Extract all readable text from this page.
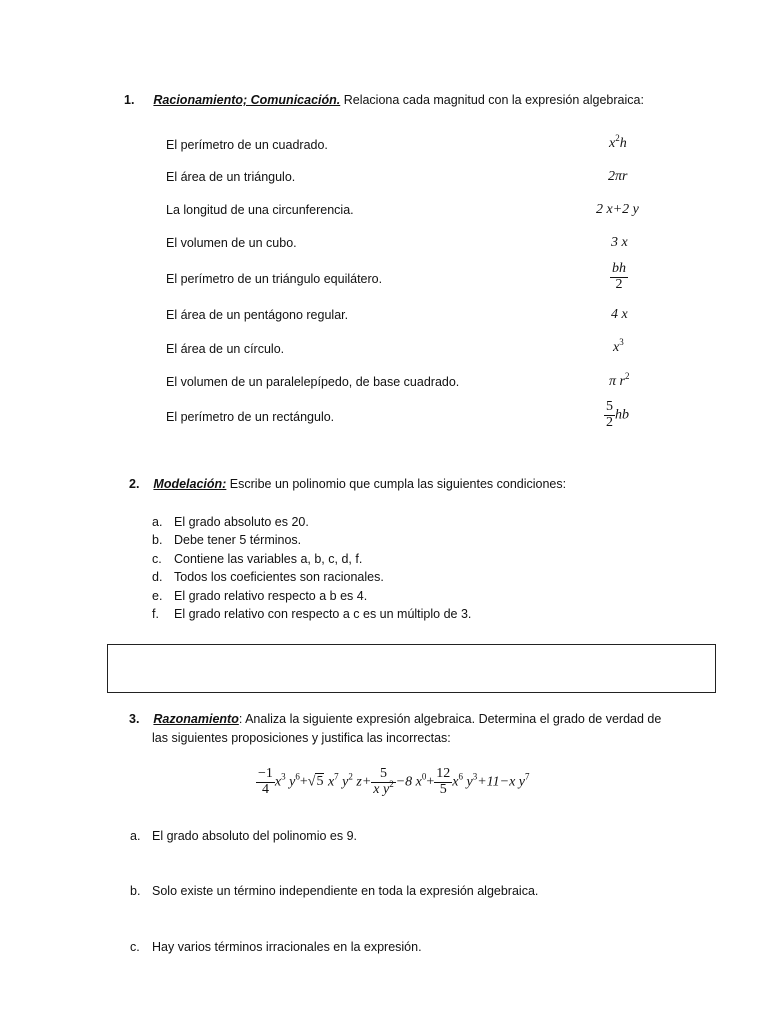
1. Racionamiento; Comunicación. Relaciona cada magnitud con la expresión algebraica:
El perímetro de un cuadrado.
El área de un triángulo.
La longitud de una circunferencia.
El volumen de un cubo.
El perímetro de un triángulo equilátero.
El área de un pentágono regular.
El área de un círculo.
El volumen de un paralelepípedo, de base cuadrado.
El perímetro de un rectángulo.
$x^2h$
2πr
2 x+2 y
3 x
$\frac{bh}{2}$
4 x
$x^3$
π $r^2$
$\frac{5}{2}$ hb
2. Modelación: Escribe un polinomio que cumpla las siguientes condiciones:
a. El grado absoluto es 20.
b. Debe tener 5 términos.
c. Contiene las variables a, b, c, d, f.
d. Todos los coeficientes son racionales.
e. El grado relativo respecto a b es 4.
f. El grado relativo con respecto a c es un múltiplo de 3.
3. Razonamiento: Analiza la siguiente expresión algebraica. Determina el grado de verdad de
las siguientes proposiciones y justifica las incorrectas:
$\frac{-1}{4} x^3$ $y^6+√5$ $x^7$ $y^2$ $z+ \frac{5}{x y^2} -8$ $x^0+ \frac{12}{5} x^6$ $y^3+11-x$ $y^7$
a. El grado absoluto del polinomio es 9.
b. Solo existe un término independiente en toda la expresión algebraica.
c. Hay varios términos irracionales en la expresión.
